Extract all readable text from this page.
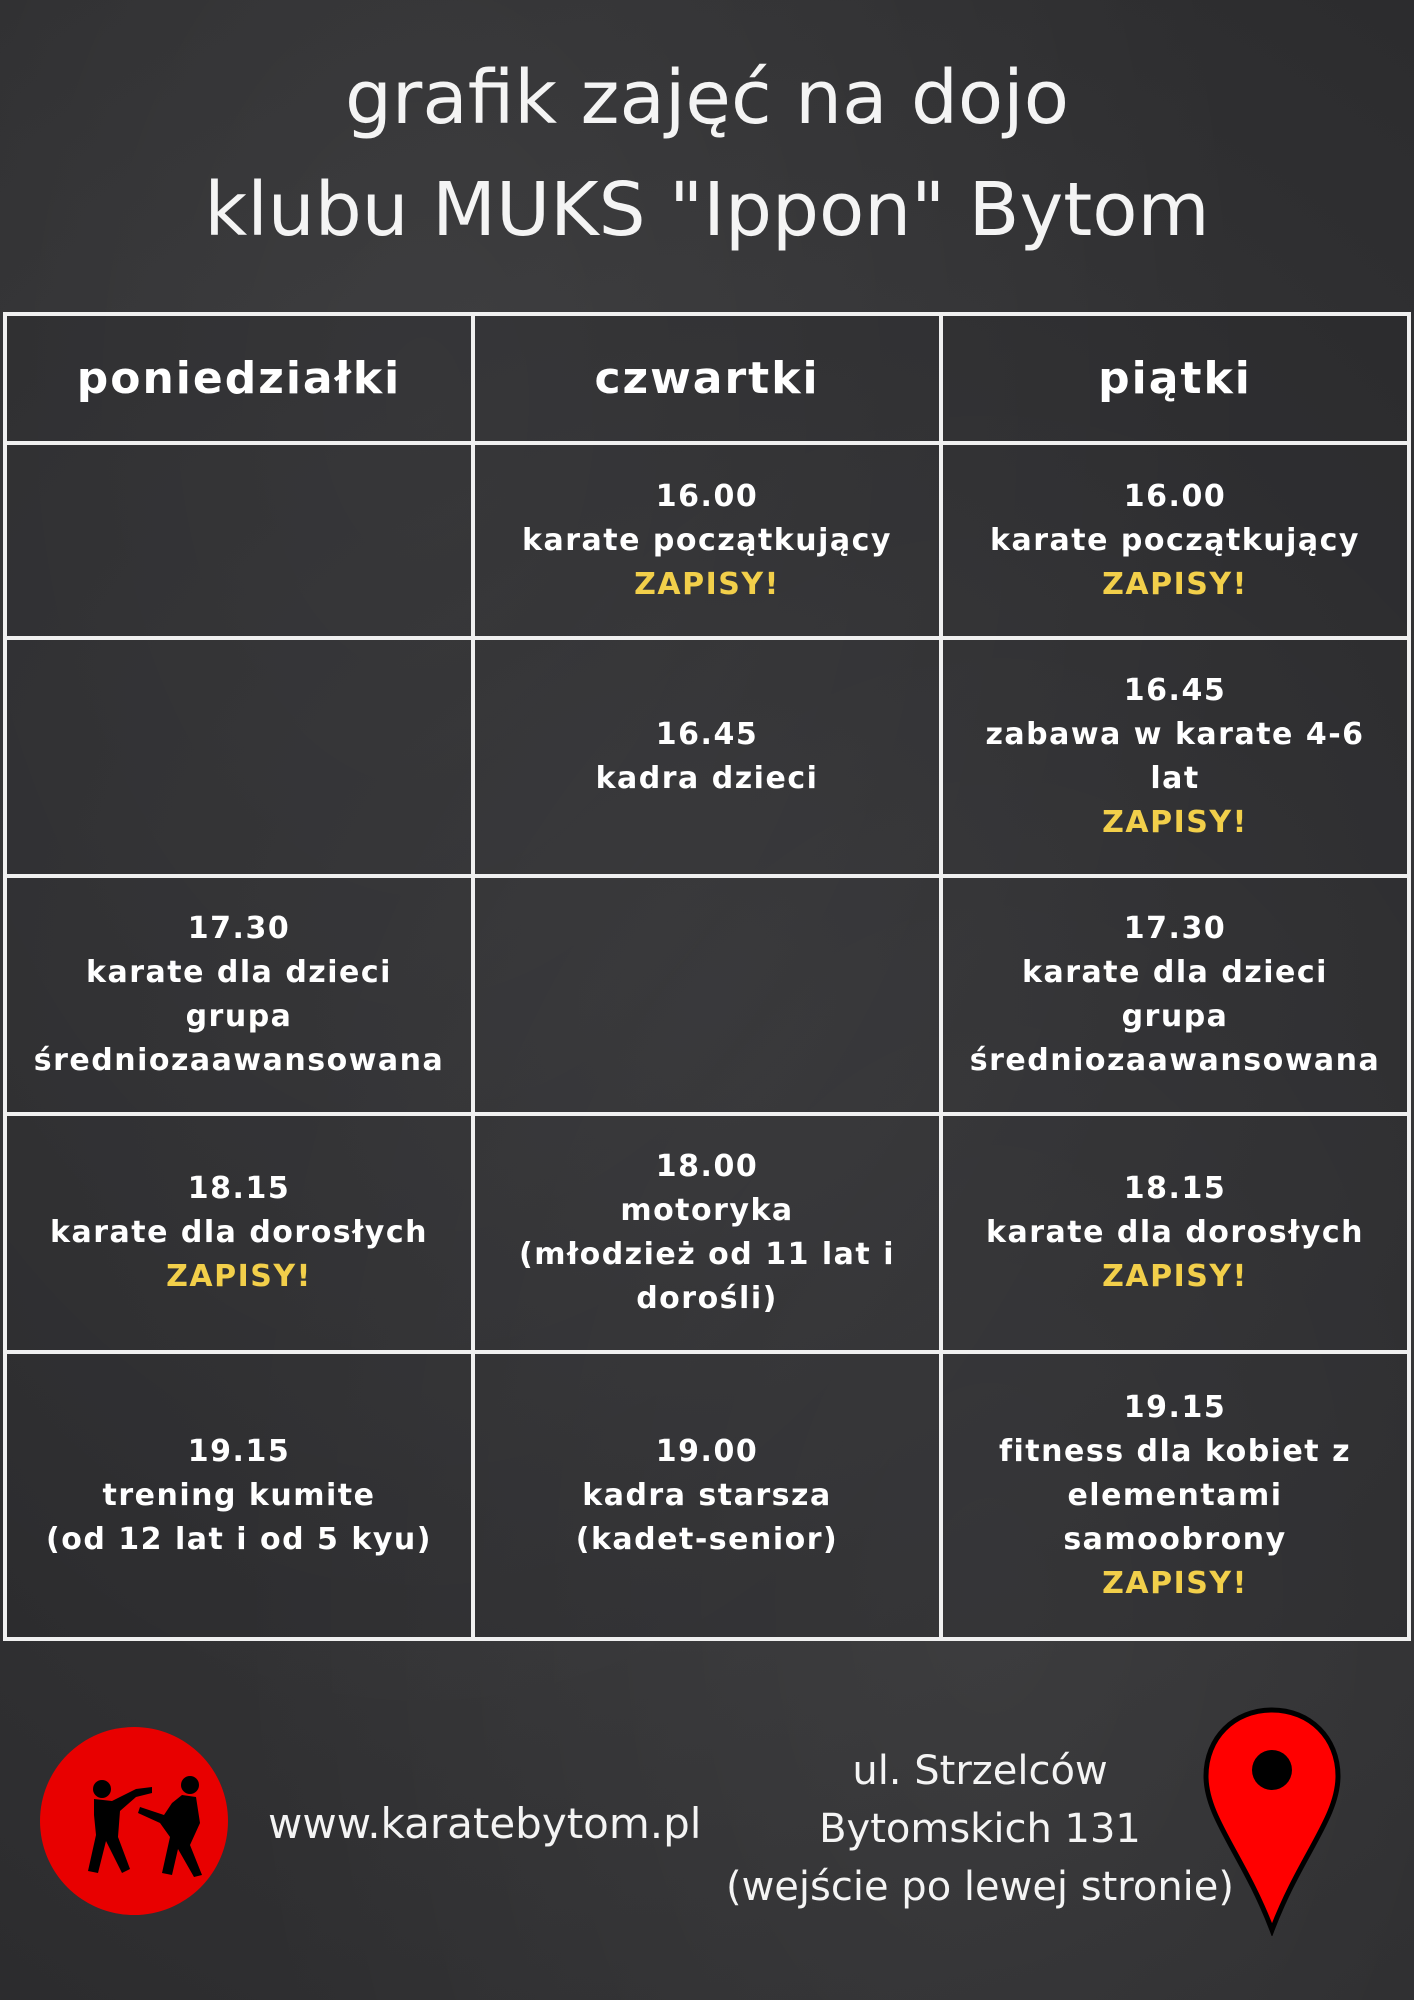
grafik zajęć na dojo
klubu MUKS "Ippon" Bytom
poniedziałki	czwartki	piątki

	16.00
karate początkujący
ZAPISY!	16.00
karate początkujący
ZAPISY!

	16.45
kadra dzieci	16.45
zabawa w karate 4-6
lat
ZAPISY!

17.30
karate dla dzieci
grupa
średniozaawansowana		17.30
karate dla dzieci
grupa
średniozaawansowana

18.15
karate dla dorosłych
ZAPISY!	18.00
motoryka
(młodzież od 11 lat i
dorośli)	18.15
karate dla dorosłych
ZAPISY!

19.15
trening kumite
(od 12 lat i od 5 kyu)	19.00
kadra starsza
(kadet-senior)	19.15
fitness dla kobiet z
elementami
samoobrony
ZAPISY!
www.karatebytom.pl
ul. Strzelców
Bytomskich 131
(wejście po lewej stronie)
